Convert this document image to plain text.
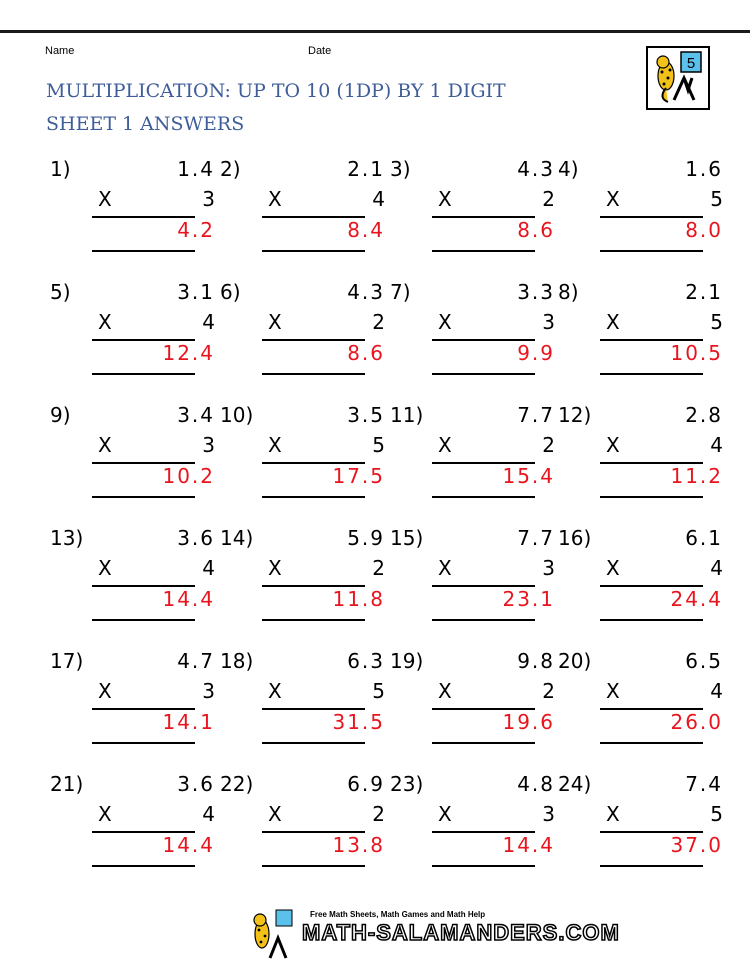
Name	Date
MULTIPLICATION: UP TO 10 (1DP) BY 1 DIGIT
SHEET 1 ANSWERS
5
1)	1.4
X	3
4.2
2)	2.1
X	4
8.4
3)	4.3
X	2
8.6
4)	1.6
X	5
8.0
5)	3.1
X	4
12.4
6)	4.3
X	2
8.6
7)	3.3
X	3
9.9
8)	2.1
X	5
10.5
9)	3.4
X	3
10.2
10)	3.5
X	5
17.5
11)	7.7
X	2
15.4
12)	2.8
X	4
11.2
13)	3.6
X	4
14.4
14)	5.9
X	2
11.8
15)	7.7
X	3
23.1
16)	6.1
X	4
24.4
17)	4.7
X	3
14.1
18)	6.3
X	5
31.5
19)	9.8
X	2
19.6
20)	6.5
X	4
26.0
21)	3.6
X	4
14.4
22)	6.9
X	2
13.8
23)	4.8
X	3
14.4
24)	7.4
X	5
37.0
Free Math Sheets, Math Games and Math Help
MATH-SALAMANDERS.COM
